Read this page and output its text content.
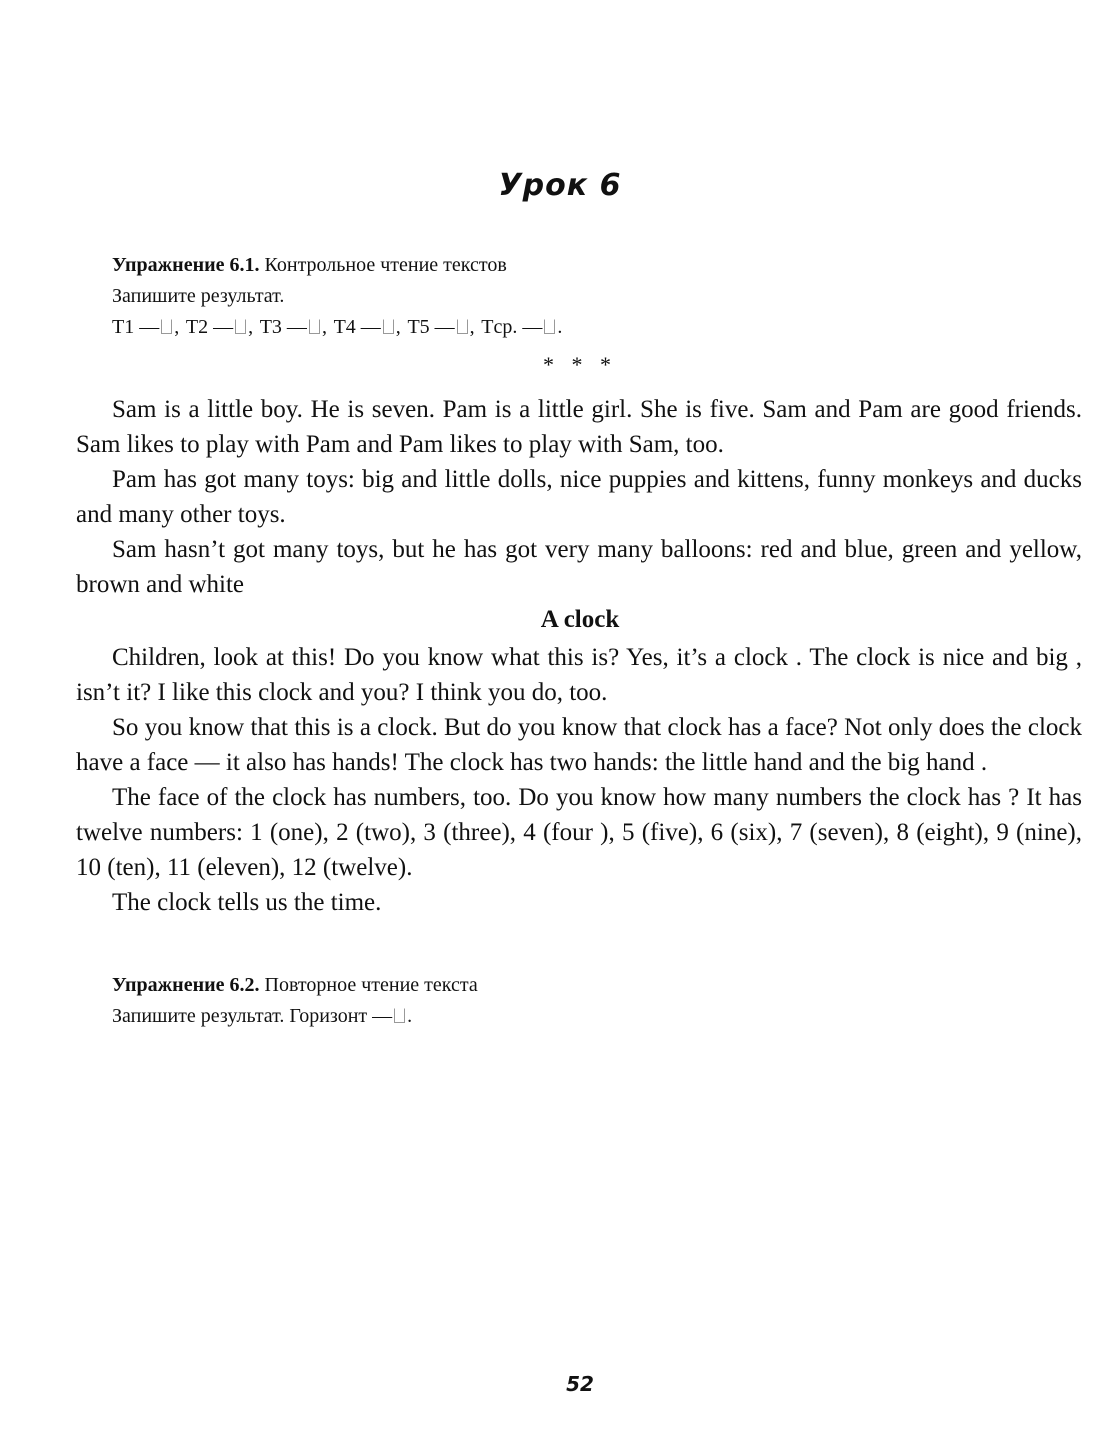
Урок 6
Упражнение 6.1. Контрольное чтение текстов
Запишите результат.
T1 — , T2 — , T3 — , T4 — , T5 — , Tср. — .
* * *

Sam is a little boy. He is seven. Pam is a little girl. She is five. Sam and Pam are good friends. Sam likes to play with Pam and Pam likes to play with Sam, too.

Pam has got many toys: big and little dolls, nice puppies and kittens, funny monkeys and ducks and many other toys.

Sam hasn’t got many toys, but he has got very many balloons: red and blue, green and yellow, brown and white

A clock

Children, look at this! Do you know what this is? Yes, it’s a clock . The clock is nice and big , isn’t it? I like this clock and you? I think you do, too.

So you know that this is a clock. But do you know that clock has a face? Not only does the clock have a face — it also has hands! The clock has two hands: the little hand and the big hand .

The face of the clock has numbers, too. Do you know how many numbers the clock has ? It has twelve numbers: 1 (one), 2 (two), 3 (three), 4 (four ), 5 (five), 6 (six), 7 (seven), 8 (eight), 9 (nine), 10 (ten), 11 (eleven), 12 (twelve).

The clock tells us the time.

Упражнение 6.2. Повторное чтение текста
Запишите результат. Горизонт — .
52
